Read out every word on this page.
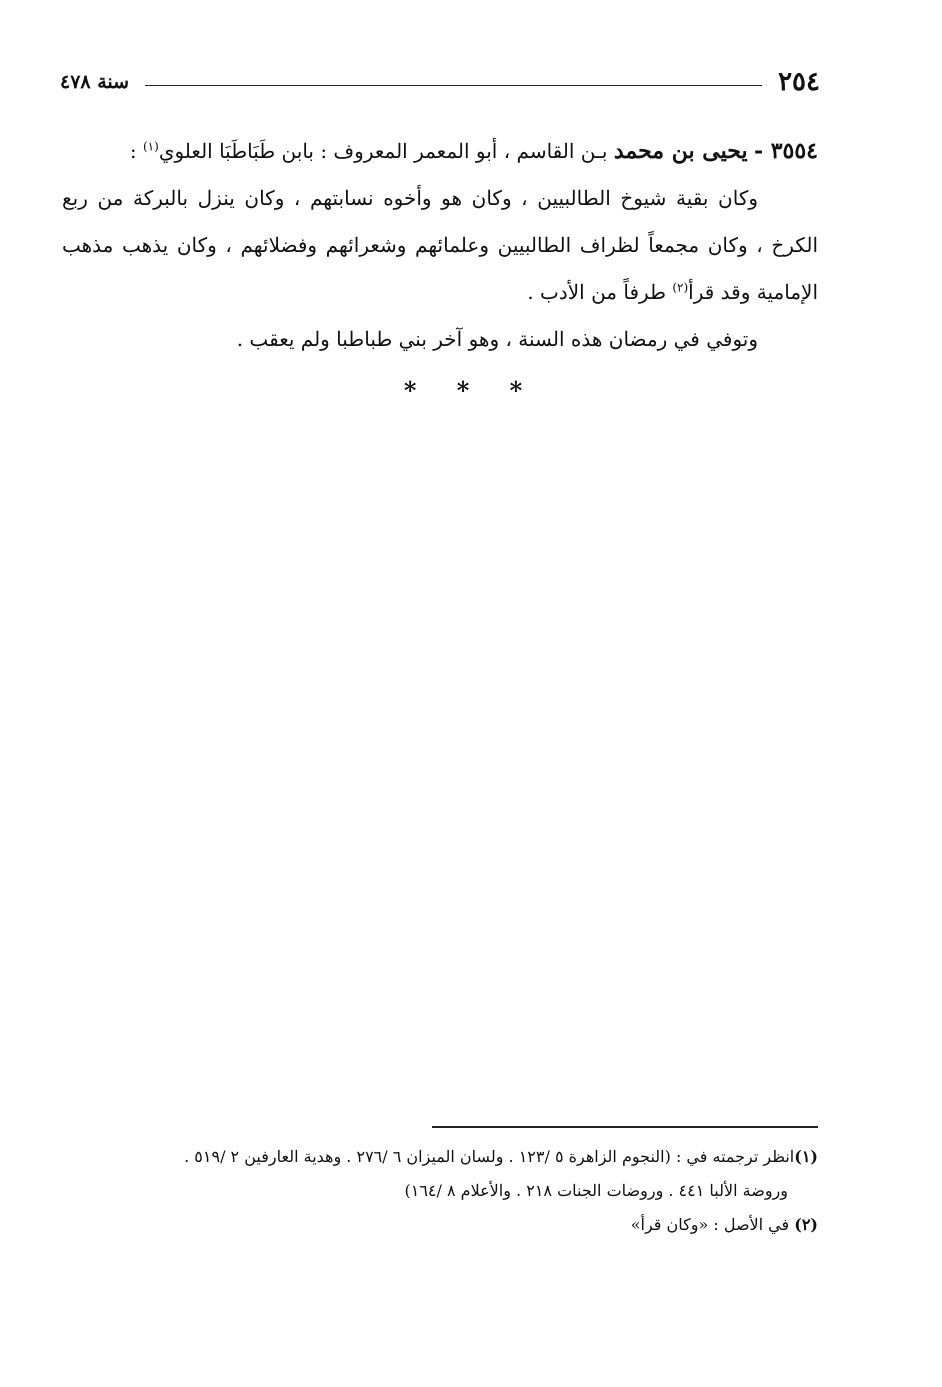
٢٥٤
سنة ٤٧٨

٣٥٥٤ - يحيى بن محمد بـن القاسم ، أبو المعمر المعروف : بابن طَبَاطَبَا العلوي$^{(١)}$ :

وكان بقية شيوخ الطالبيين ، وكان هو وأخوه نسابتهم ، وكان ينزل بالبركة من ربع الكرخ ، وكان مجمعاً لظراف الطالبيين وعلمائهم وشعرائهم وفضلائهم ، وكان يذهب مذهب الإمامية وقد قرأ$^{(٢)}$ طرفاً من الأدب .

وتوفي في رمضان هذه السنة ، وهو آخر بني طباطبا ولم يعقب .

* * *

(١)انظر ترجمته في : (النجوم الزاهرة ٥ /١٢٣ . ولسان الميزان ٦ /٢٧٦ . وهدية العارفين ٢ /٥١٩ .

وروضة الألبا ٤٤١ . وروضات الجنات ٢١٨ . والأعلام ٨ /١٦٤)

(٢) في الأصل : «وكان قرأ»
